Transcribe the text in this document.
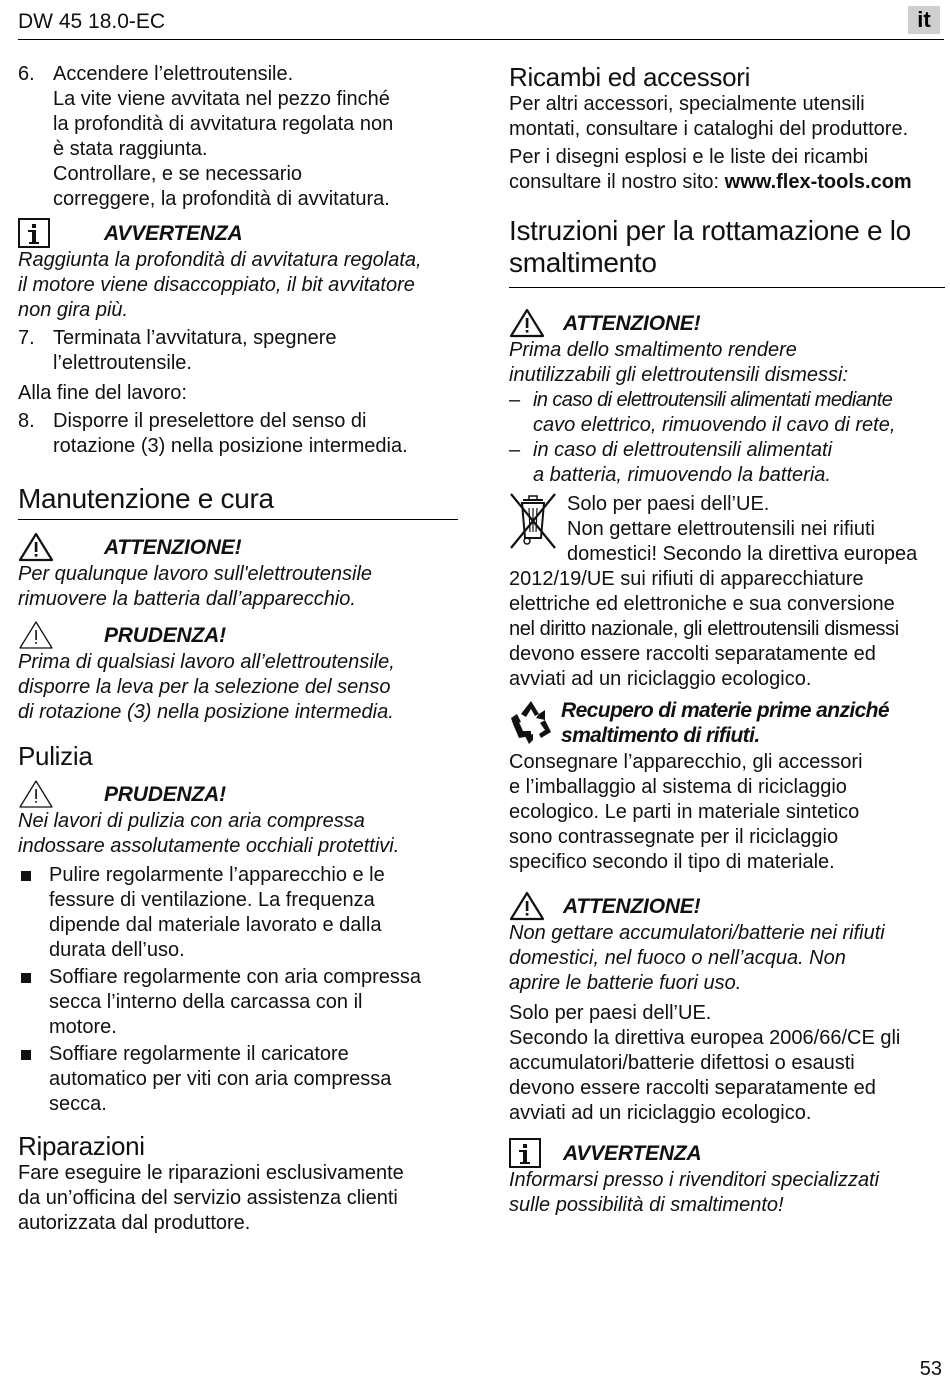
DW 45 18.0-EC	it
6. Accendere l’elettroutensile.
La vite viene avvitata nel pezzo finché
la profondità di avvitatura regolata non
è stata raggiunta.
Controllare, e se necessario
correggere, la profondità di avvitatura.
AVVERTENZA
Raggiunta la profondità di avvitatura regolata,
il motore viene disaccoppiato, il bit avvitatore
non gira più.
7. Terminata l’avvitatura, spegnere
l’elettroutensile.
Alla fine del lavoro:
8. Disporre il preselettore del senso di
rotazione (3) nella posizione intermedia.
Manutenzione e cura
ATTENZIONE!
Per qualunque lavoro sull'elettroutensile
rimuovere la batteria dall’apparecchio.
PRUDENZA!
Prima di qualsiasi lavoro all’elettroutensile,
disporre la leva per la selezione del senso
di rotazione (3) nella posizione intermedia.
Pulizia
PRUDENZA!
Nei lavori di pulizia con aria compressa
indossare assolutamente occhiali protettivi.
Pulire regolarmente l’apparecchio e le
fessure di ventilazione. La frequenza
dipende dal materiale lavorato e dalla
durata dell’uso.
Soffiare regolarmente con aria compressa
secca l’interno della carcassa con il
motore.
Soffiare regolarmente il caricatore
automatico per viti con aria compressa
secca.
Riparazioni
Fare eseguire le riparazioni esclusivamente
da un’officina del servizio assistenza clienti
autorizzata dal produttore.
Ricambi ed accessori
Per altri accessori, specialmente utensili
montati, consultare i cataloghi del produttore.
Per i disegni esplosi e le liste dei ricambi
consultare il nostro sito: www.flex-tools.com
Istruzioni per la rottamazione e lo
smaltimento
ATTENZIONE!
Prima dello smaltimento rendere
inutilizzabili gli elettroutensili dismessi:
– in caso di elettroutensili alimentati mediante
cavo elettrico, rimuovendo il cavo di rete,
– in caso di elettroutensili alimentati
a batteria, rimuovendo la batteria.
Solo per paesi dell’UE.
Non gettare elettroutensili nei rifiuti
domestici! Secondo la direttiva europea
2012/19/UE sui rifiuti di apparecchiature
elettriche ed elettroniche e sua conversione
nel diritto nazionale, gli elettroutensili dismessi
devono essere raccolti separatamente ed
avviati ad un riciclaggio ecologico.
Recupero di materie prime anziché
smaltimento di rifiuti.
Consegnare l’apparecchio, gli accessori
e l’imballaggio al sistema di riciclaggio
ecologico. Le parti in materiale sintetico
sono contrassegnate per il riciclaggio
specifico secondo il tipo di materiale.
ATTENZIONE!
Non gettare accumulatori/batterie nei rifiuti
domestici, nel fuoco o nell’acqua. Non
aprire le batterie fuori uso.
Solo per paesi dell’UE.
Secondo la direttiva europea 2006/66/CE gli
accumulatori/batterie difettosi o esausti
devono essere raccolti separatamente ed
avviati ad un riciclaggio ecologico.
AVVERTENZA
Informarsi presso i rivenditori specializzati
sulle possibilità di smaltimento!
53
